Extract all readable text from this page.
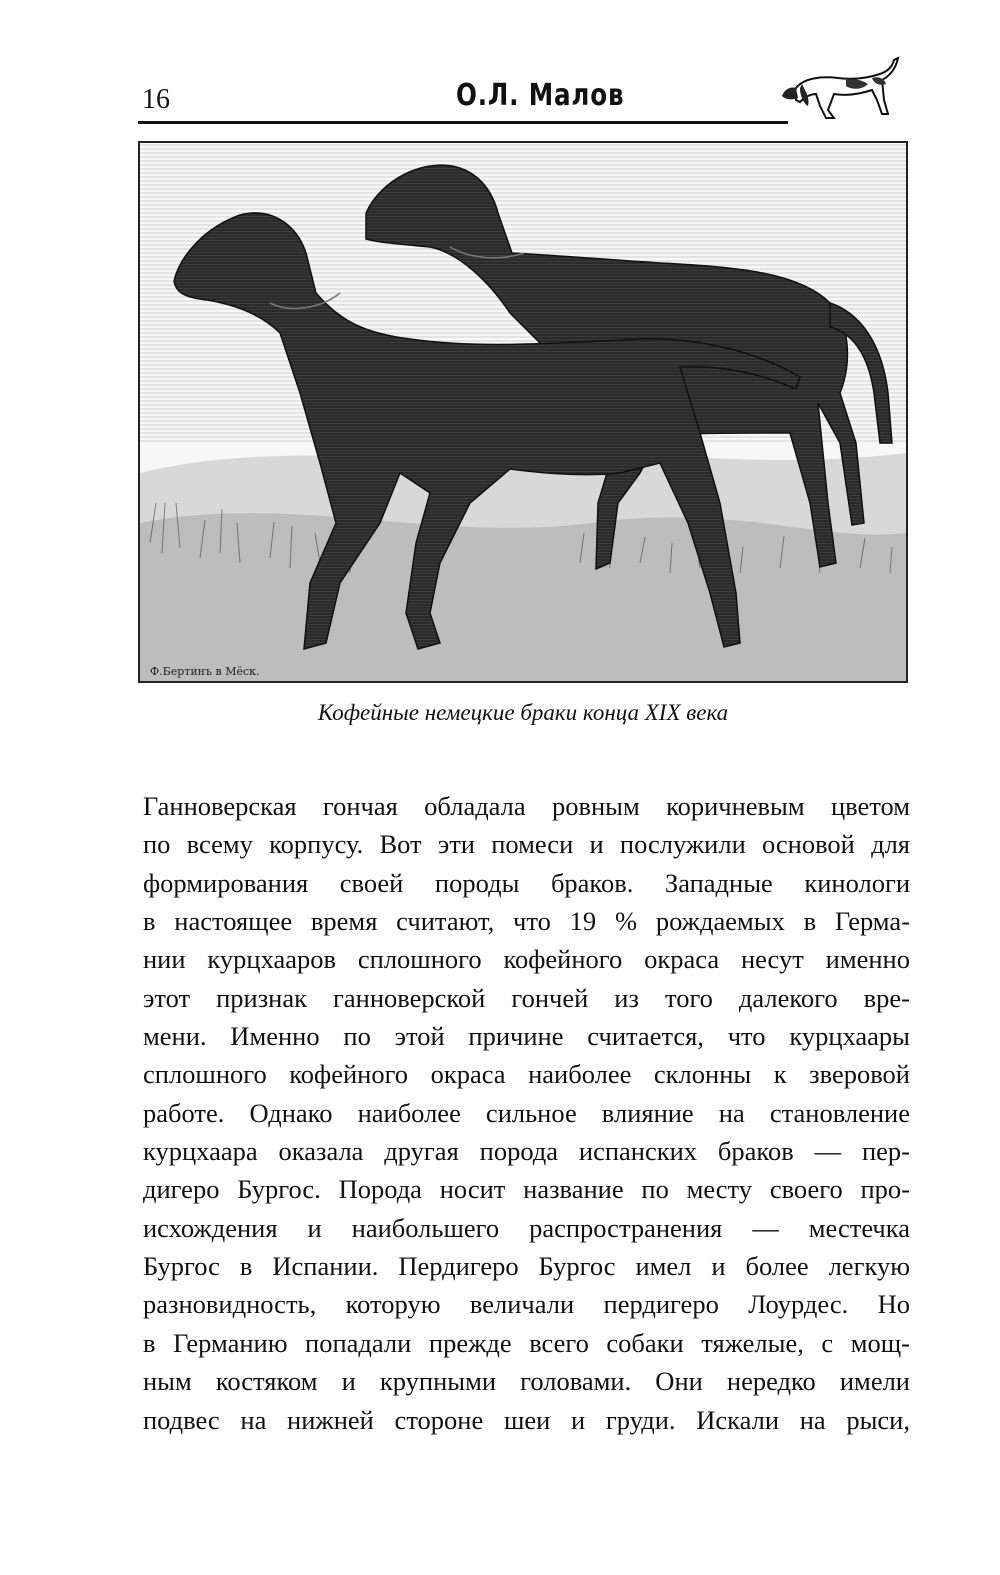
16	О.Л. Малов
Ф.Бертинъ в Мёск.
Кофейные немецкие браки конца XIX века
Ганноверская гончая обладала ровным коричневым цветом
по всему корпусу. Вот эти помеси и послужили основой для
формирования своей породы браков. Западные кинологи
в настоящее время считают, что 19 % рождаемых в Герма-
нии курцхааров сплошного кофейного окраса несут именно
этот признак ганноверской гончей из того далекого вре-
мени. Именно по этой причине считается, что курцхаары
сплошного кофейного окраса наиболее склонны к зверовой
работе. Однако наиболее сильное влияние на становление
курцхаара оказала другая порода испанских браков — пер-
дигеро Бургос. Порода носит название по месту своего про-
исхождения и наибольшего распространения — местечка
Бургос в Испании. Пердигеро Бургос имел и более легкую
разновидность, которую величали пердигеро Лоурдес. Но
в Германию попадали прежде всего собаки тяжелые, с мощ-
ным костяком и крупными головами. Они нередко имели
подвес на нижней стороне шеи и груди. Искали на рыси,
